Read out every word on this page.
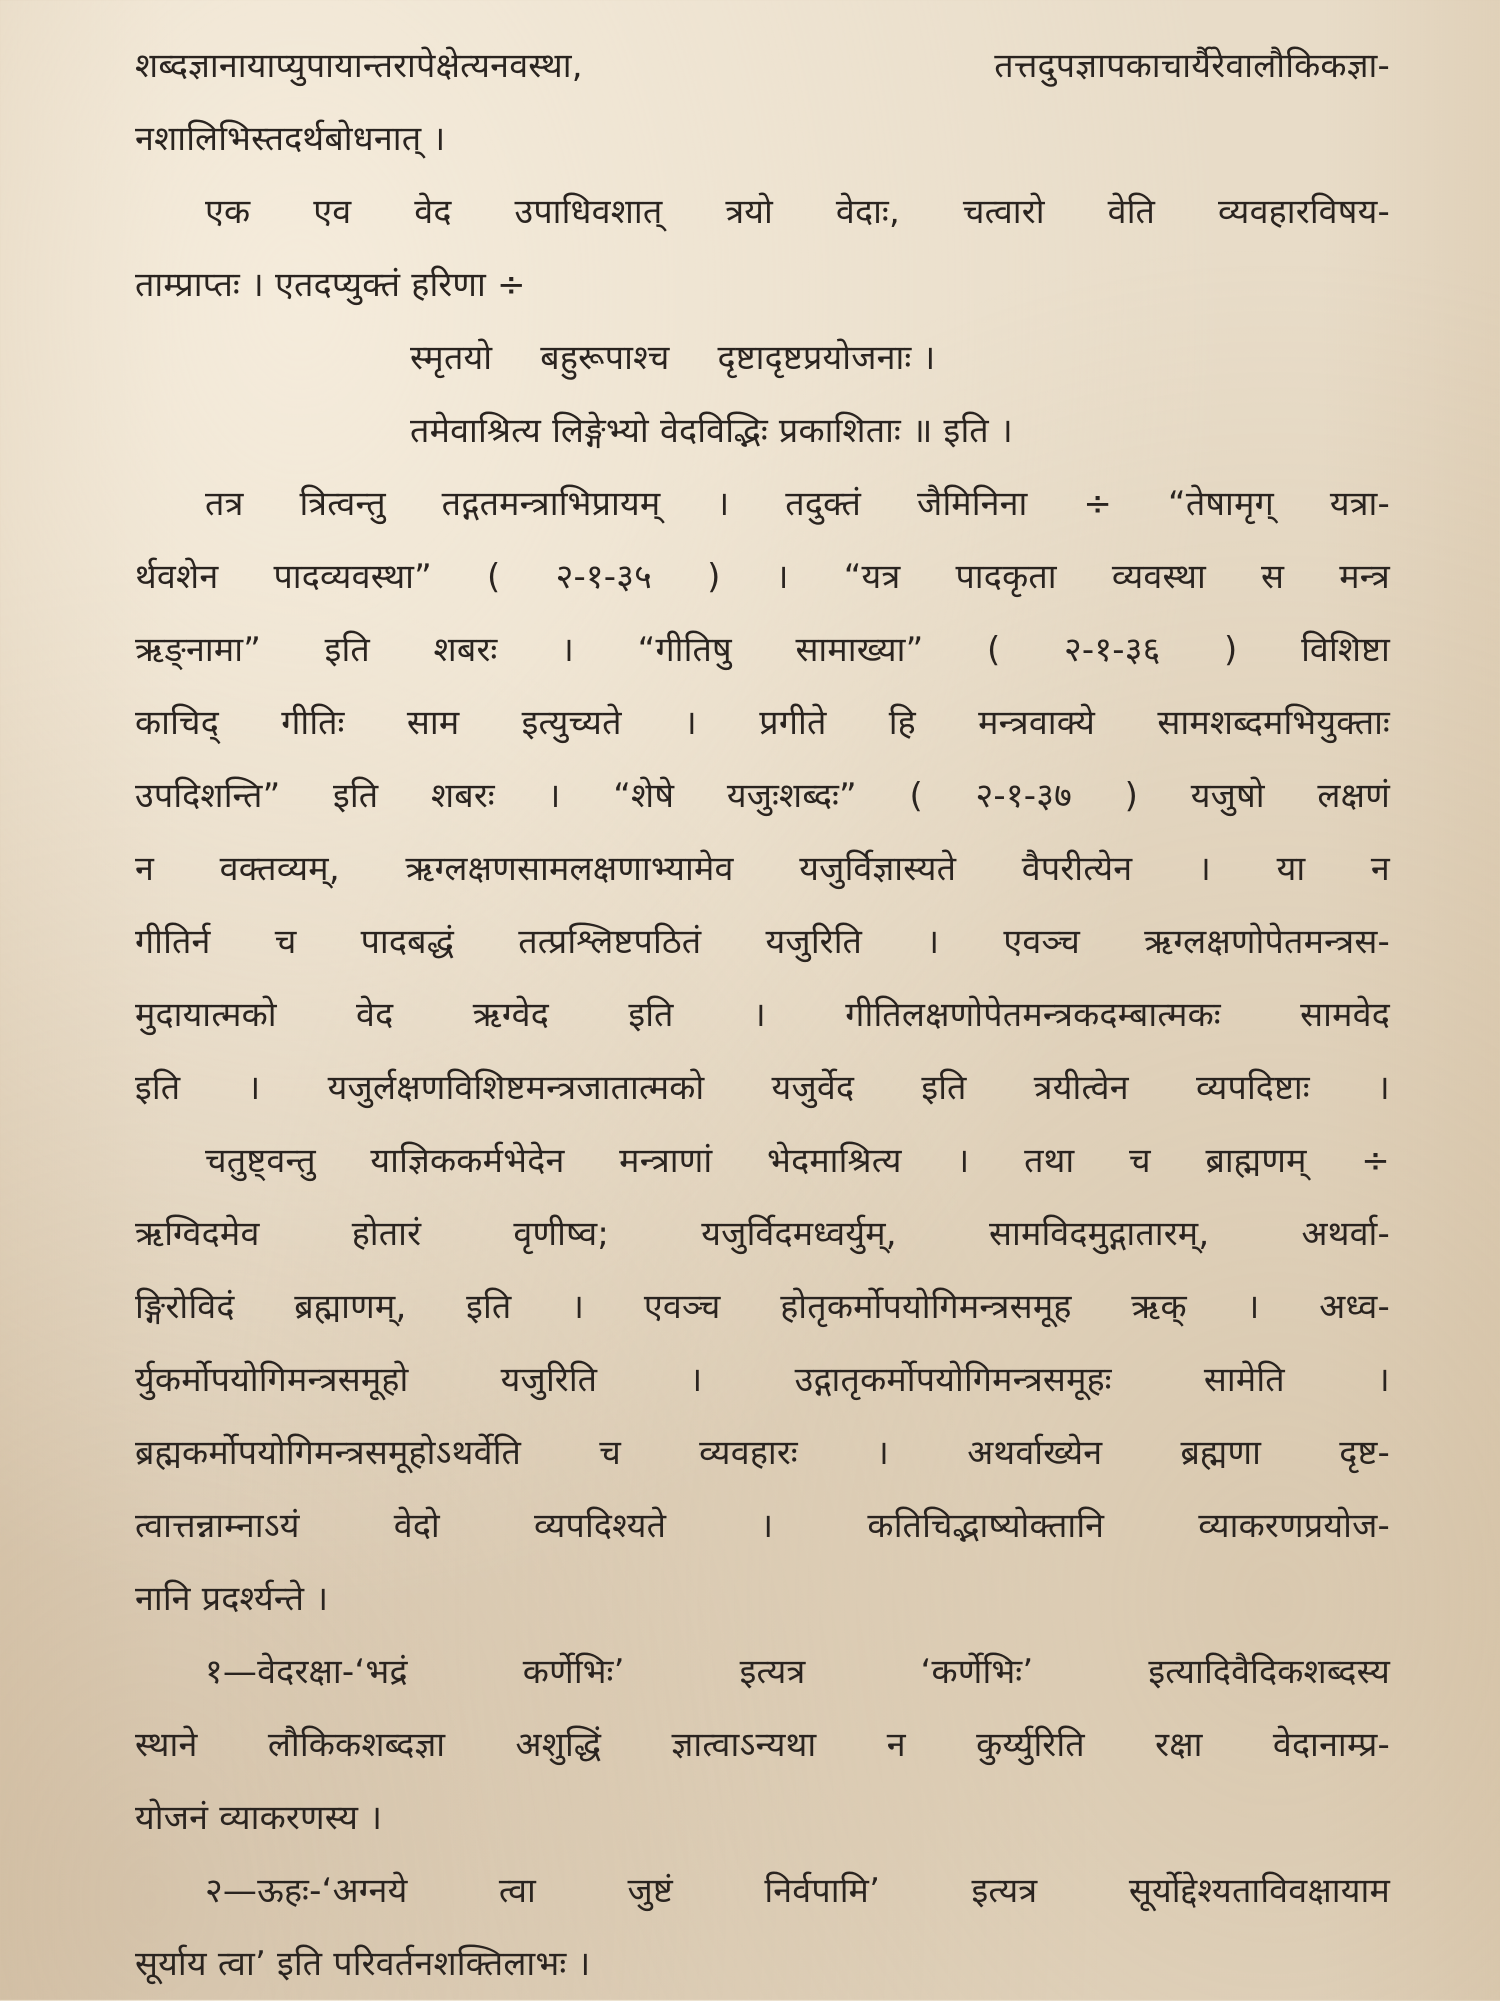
शब्दज्ञानायाप्युपायान्तरापेक्षेत्यनवस्था, तत्तदुपज्ञापकाचार्यैरेवालौकिकज्ञा-
नशालिभिस्तदर्थबोधनात् ।
एक एव वेद उपाधिवशात् त्रयो वेदाः, चत्वारो वेति व्यवहारविषय-
ताम्प्राप्तः । एतदप्युक्तं हरिणा ÷
स्मृतयो बहुरूपाश्च दृष्टादृष्टप्रयोजनाः ।
तमेवाश्रित्य लिङ्गेभ्यो वेदविद्भिः प्रकाशिताः ॥ इति ।
तत्र त्रित्वन्तु तद्गतमन्त्राभिप्रायम् । तदुक्तं जैमिनिना ÷ “तेषामृग् यत्रा-
र्थवशेन पादव्यवस्था” ( २-१-३५ ) । “यत्र पादकृता व्यवस्था स मन्त्र
ऋङ्नामा” इति शबरः । “गीतिषु सामाख्या” ( २-१-३६ ) विशिष्टा
काचिद् गीतिः साम इत्युच्यते । प्रगीते हि मन्त्रवाक्ये सामशब्दमभियुक्ताः
उपदिशन्ति” इति शबरः । “शेषे यजुःशब्दः” ( २-१-३७ ) यजुषो लक्षणं
न वक्तव्यम्, ऋग्लक्षणसामलक्षणाभ्यामेव यजुर्विज्ञास्यते वैपरीत्येन । या न
गीतिर्न च पादबद्धं तत्प्रश्लिष्टपठितं यजुरिति । एवञ्च ऋग्लक्षणोपेतमन्त्रस-
मुदायात्मको वेद ऋग्वेद इति । गीतिलक्षणोपेतमन्त्रकदम्बात्मकः सामवेद
इति । यजुर्लक्षणविशिष्टमन्त्रजातात्मको यजुर्वेद इति त्रयीत्वेन व्यपदिष्टाः ।
चतुष्ट्वन्तु याज्ञिककर्मभेदेन मन्त्राणां भेदमाश्रित्य । तथा च ब्राह्मणम् ÷
ऋग्विदमेव होतारं वृणीष्व; यजुर्विदमध्वर्युम्, सामविदमुद्गातारम्, अथर्वा-
ङ्गिरोविदं ब्रह्माणम्, इति । एवञ्च होतृकर्मोपयोगिमन्त्रसमूह ऋक् । अध्व-
र्युकर्मोपयोगिमन्त्रसमूहो यजुरिति । उद्गातृकर्मोपयोगिमन्त्रसमूहः सामेति ।
ब्रह्मकर्मोपयोगिमन्त्रसमूहोऽथर्वेति च व्यवहारः । अथर्वाख्येन ब्रह्मणा दृष्ट-
त्वात्तन्नाम्नाऽयं वेदो व्यपदिश्यते । कतिचिद्भाष्योक्तानि व्याकरणप्रयोज-
नानि प्रदर्श्यन्ते ।
१—वेदरक्षा-‘भद्रं कर्णेभिः’ इत्यत्र ‘कर्णेभिः’ इत्यादिवैदिकशब्दस्य
स्थाने लौकिकशब्दज्ञा अशुद्धिं ज्ञात्वाऽन्यथा न कुर्य्युरिति रक्षा वेदानाम्प्र-
योजनं व्याकरणस्य ।
२—ऊहः-‘अग्नये त्वा जुष्टं निर्वपामि’ इत्यत्र सूर्योद्देश्यताविवक्षायाम
सूर्याय त्वा’ इति परिवर्तनशक्तिलाभः ।
